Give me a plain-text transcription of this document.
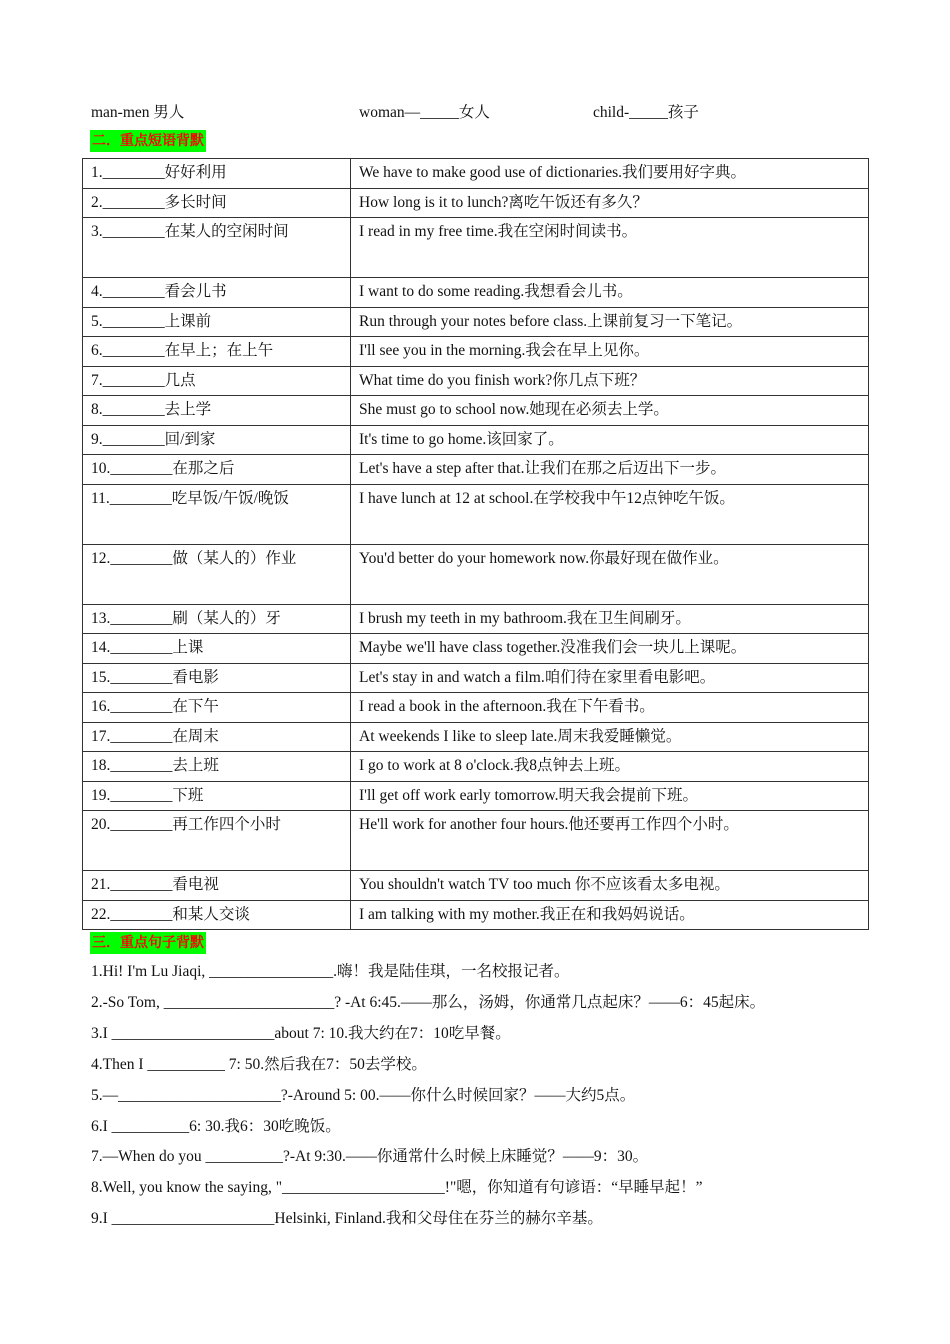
man-men 男人	woman—_____女人	child-_____孩子
二．重点短语背默
1.________好好利用	We have to make good use of dictionaries.我们要用好字典。
2.________多长时间	How long is it to lunch?离吃午饭还有多久？
3.________在某人的空闲时间	I read in my free time.我在空闲时间读书。
4.________看会儿书	I want to do some reading.我想看会儿书。
5.________上课前	Run through your notes before class.上课前复习一下笔记。
6.________在早上；在上午	I'll see you in the morning.我会在早上见你。
7.________几点	What time do you finish work?你几点下班？
8.________去上学	She must go to school now.她现在必须去上学。
9.________回/到家	It's time to go home.该回家了。
10.________在那之后	Let's have a step after that.让我们在那之后迈出下一步。
11.________吃早饭/午饭/晚饭	I have lunch at 12 at school.在学校我中午12点钟吃午饭。
12.________做（某人的）作业	You'd better do your homework now.你最好现在做作业。
13.________刷（某人的）牙	I brush my teeth in my bathroom.我在卫生间刷牙。
14.________上课	Maybe we'll have class together.没准我们会一块儿上课呢。
15.________看电影	Let's stay in and watch a film.咱们待在家里看电影吧。
16.________在下午	I read a book in the afternoon.我在下午看书。
17.________在周末	At weekends I like to sleep late.周末我爱睡懒觉。
18.________去上班	I go to work at 8 o'clock.我8点钟去上班。
19.________下班	I'll get off work early tomorrow.明天我会提前下班。
20.________再工作四个小时	He'll work for another four hours.他还要再工作四个小时。
21.________看电视	You shouldn't watch TV too much 你不应该看太多电视。
22.________和某人交谈	I am talking with my mother.我正在和我妈妈说话。
三．重点句子背默
1.Hi! I'm Lu Jiaqi, ________________.嗨！我是陆佳琪，一名校报记者。
2.-So Tom, ______________________? -At 6:45.——那么，汤姆，你通常几点起床？——6：45起床。
3.I _____________________about 7: 10.我大约在7：10吃早餐。
4.Then I __________ 7: 50.然后我在7：50去学校。
5.—_____________________?-Around 5: 00.——你什么时候回家？——大约5点。
6.I __________6: 30.我6：30吃晚饭。
7.—When do you __________?-At 9:30.——你通常什么时候上床睡觉？——9：30。
8.Well, you know the saying, "_____________________!"嗯，你知道有句谚语：“早睡早起！”
9.I _____________________Helsinki, Finland.我和父母住在芬兰的赫尔辛基。
